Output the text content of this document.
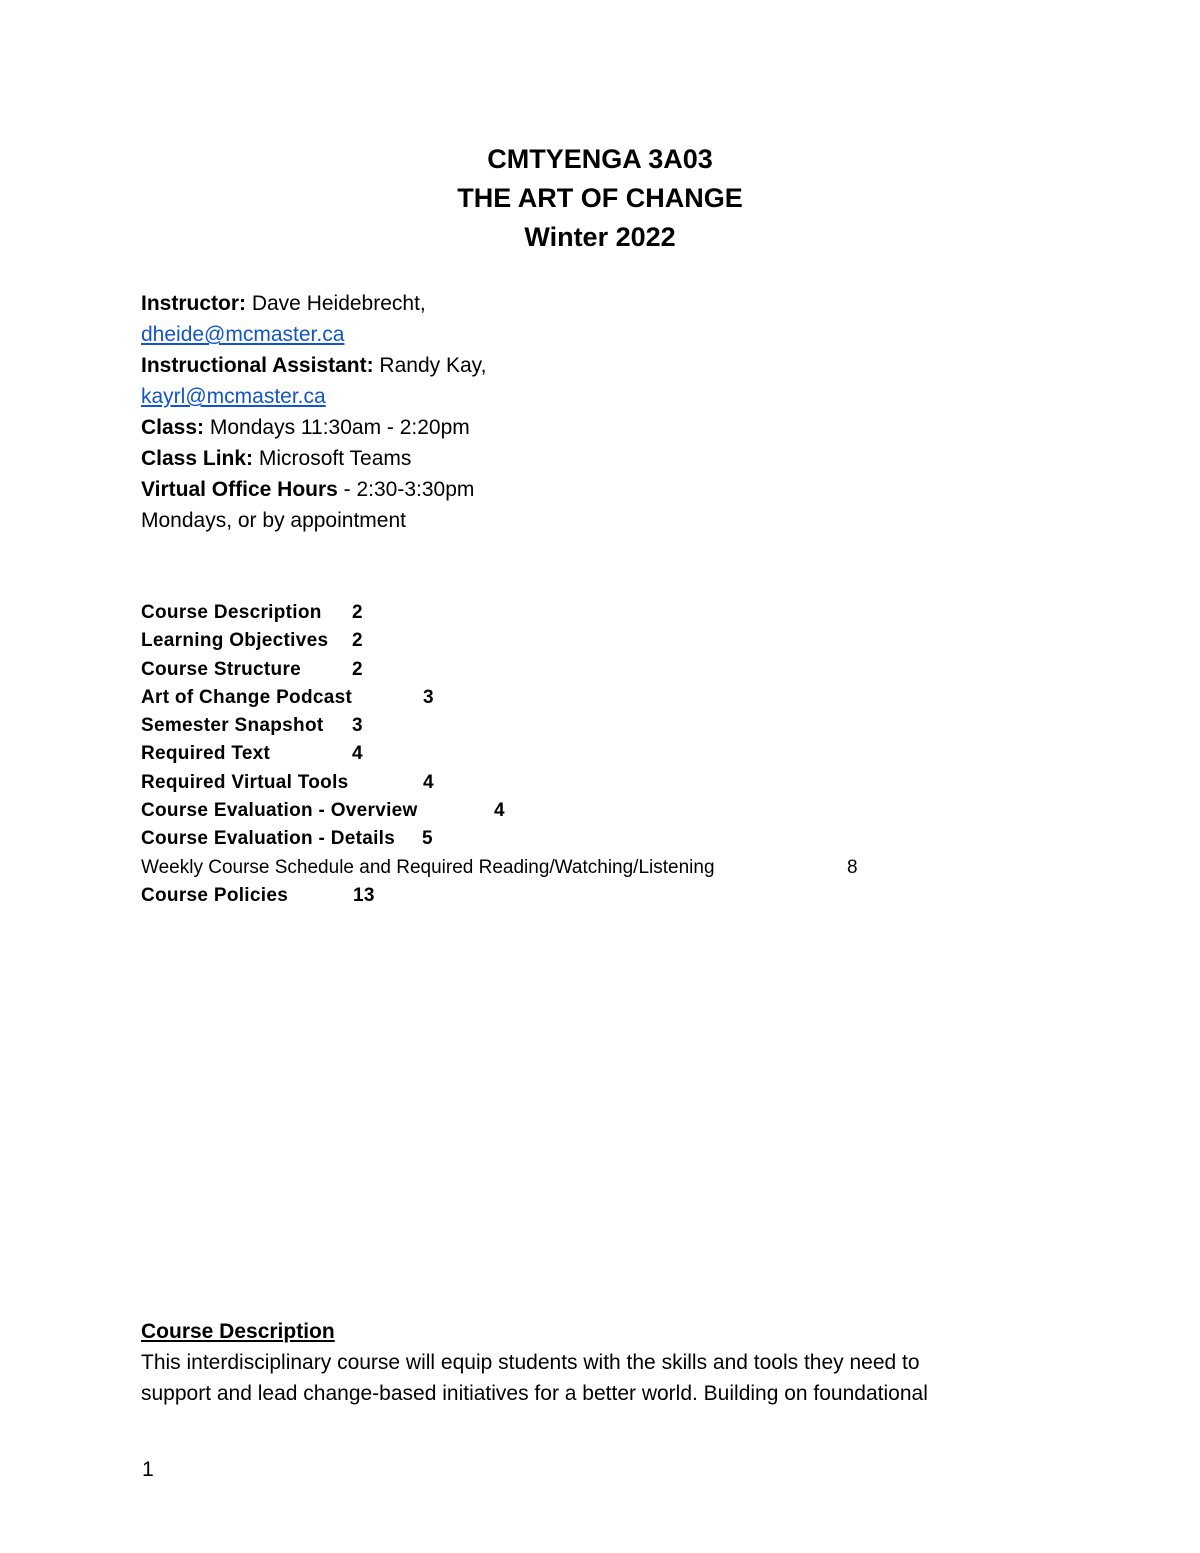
CMTYENGA 3A03
THE ART OF CHANGE
Winter 2022
Instructor: Dave Heidebrecht,
dheide@mcmaster.ca
Instructional Assistant: Randy Kay,
kayrl@mcmaster.ca
Class: Mondays 11:30am - 2:20pm
Class Link: Microsoft Teams
Virtual Office Hours - 2:30-3:30pm
Mondays, or by appointment
Course Description 2
Learning Objectives 2
Course Structure	2
Art of Change Podcast	3
Semester Snapshot 3
Required Text	4
Required Virtual Tools	4
Course Evaluation - Overview	4
Course Evaluation - Details 5
Weekly Course Schedule and Required Reading/Watching/Listening	8
Course Policies	13
Course Description
This interdisciplinary course will equip students with the skills and tools they need to
support and lead change-based initiatives for a better world. Building on foundational
1
